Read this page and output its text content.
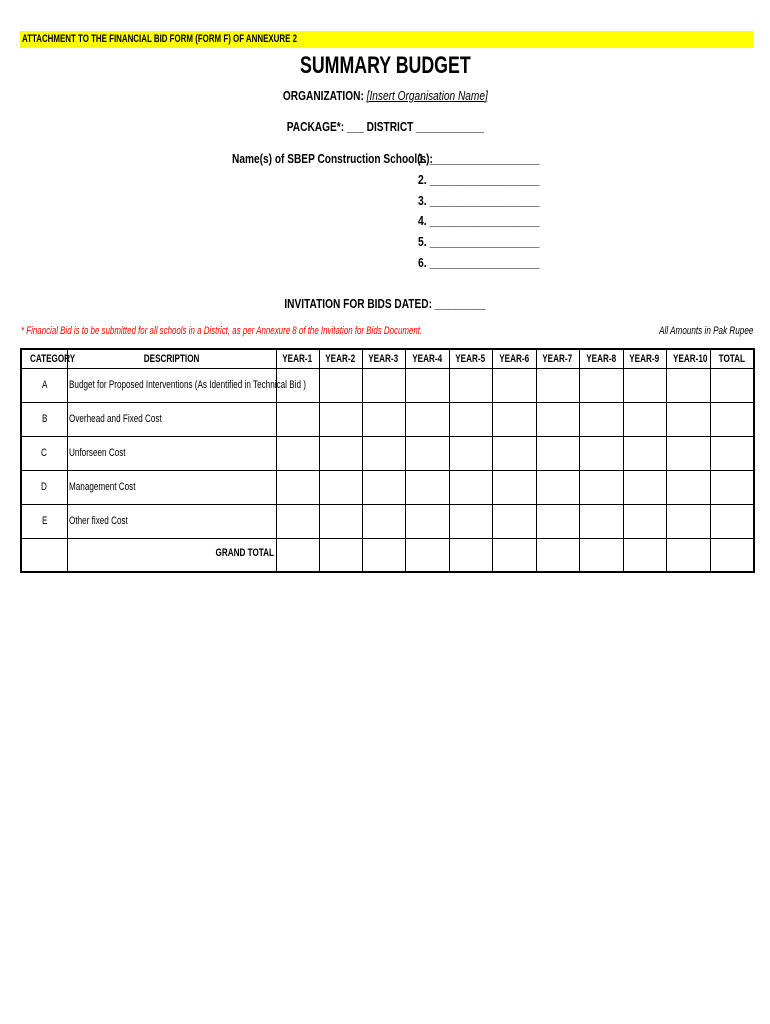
ATTACHMENT TO THE FINANCIAL BID FORM (FORM F) OF ANNEXURE 2
SUMMARY BUDGET
ORGANIZATION: [Insert Organisation Name]
PACKAGE*: ___ DISTRICT ____________
Name(s) of SBEP Construction School(s):
1. ___________________
2. ___________________
3. ___________________
4. ___________________
5. ___________________
6. ___________________
INVITATION FOR BIDS DATED: _________
* Financial Bid is to be submitted for all schools in a District, as per Annexure 8 of the Invitation for Bids Document.	All Amounts in Pak Rupee
CATEGORY	DESCRIPTION	YEAR-1	YEAR-2	YEAR-3	YEAR-4	YEAR-5	YEAR-6	YEAR-7	YEAR-8	YEAR-9	YEAR-10	TOTAL
A	Budget for Proposed Interventions (As Identified in Technical Bid )											
B	Overhead and Fixed Cost											
C	Unforseen Cost											
D	Management Cost											
E	Other fixed Cost											
	GRAND TOTAL											
